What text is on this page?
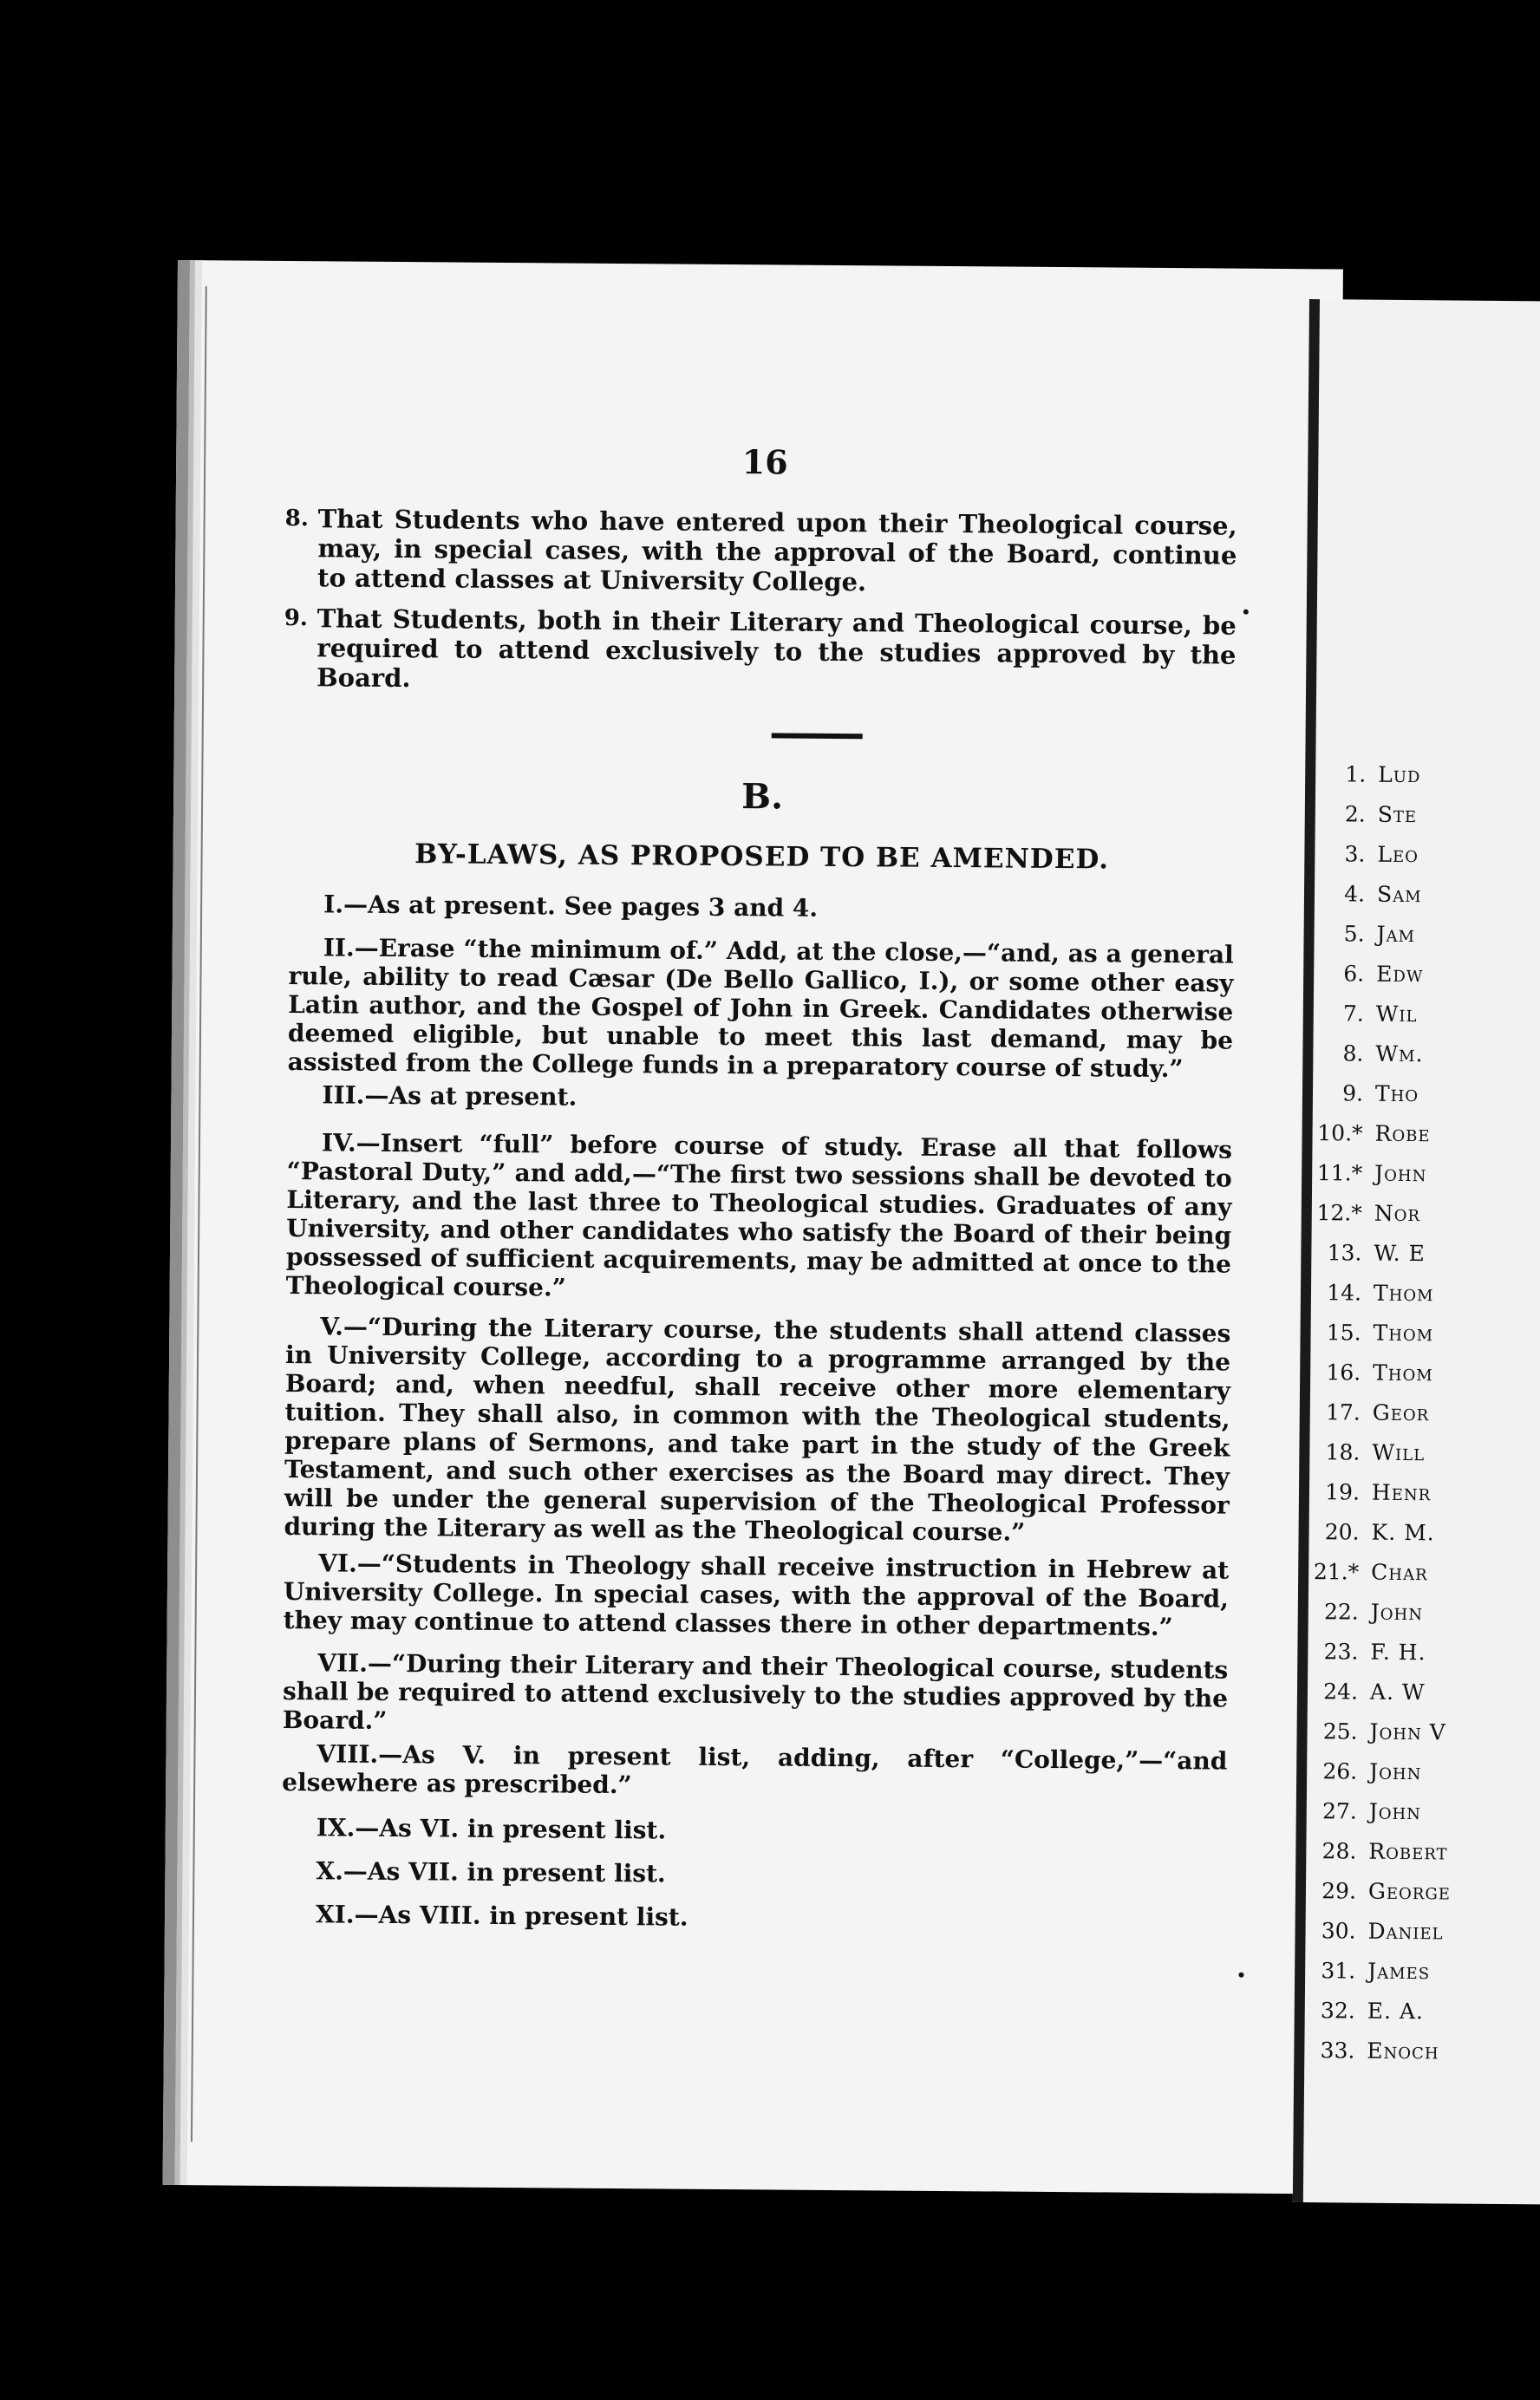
16
8. That Students who have entered upon their Theological course, may, in special cases, with the approval of the Board, continue to attend classes at University College.
9. That Students, both in their Literary and Theological course, be required to attend exclusively to the studies approved by the Board.
B.
BY-LAWS, AS PROPOSED TO BE AMENDED.
I.—As at present. See pages 3 and 4.
II.—Erase “the minimum of.” Add, at the close,—“and, as a general rule, ability to read Cæsar (De Bello Gallico, I.), or some other easy Latin author, and the Gospel of John in Greek. Candidates otherwise deemed eligible, but unable to meet this last demand, may be assisted from the College funds in a preparatory course of study.”
III.—As at present.
IV.—Insert “full” before course of study. Erase all that follows “Pastoral Duty,” and add,—“The first two sessions shall be devoted to Literary, and the last three to Theological studies. Graduates of any University, and other candidates who satisfy the Board of their being possessed of sufficient acquirements, may be admitted at once to the Theological course.”
V.—“During the Literary course, the students shall attend classes in University College, according to a programme arranged by the Board; and, when needful, shall receive other more elementary tuition. They shall also, in common with the Theological students, prepare plans of Sermons, and take part in the study of the Greek Testament, and such other exercises as the Board may direct. They will be under the general supervision of the Theological Professor during the Literary as well as the Theological course.”
VI.—“Students in Theology shall receive instruction in Hebrew at University College. In special cases, with the approval of the Board, they may continue to attend classes there in other departments.”
VII.—“During their Literary and their Theological course, students shall be required to attend exclusively to the studies approved by the Board.”
VIII.—As V. in present list, adding, after “College,”—“and elsewhere as prescribed.”
IX.—As VI. in present list.
X.—As VII. in present list.
XI.—As VIII. in present list.
1. Lud
2. Ste
3. Leo
4. Sam
5. Jam
6. Edw
7. Wil
8. Wm.
9. Tho
10.* Robe
11.* John
12.* Nor
13. W. E
14. Thom
15. Thom
16. Thom
17. Geor
18. Will
19. Henr
20. K. M.
21.* Char
22. John
23. F. H.
24. A. W
25. John V
26. John
27. John
28. Robert
29. George
30. Daniel
31. James
32. E. A.
33. Enoch
